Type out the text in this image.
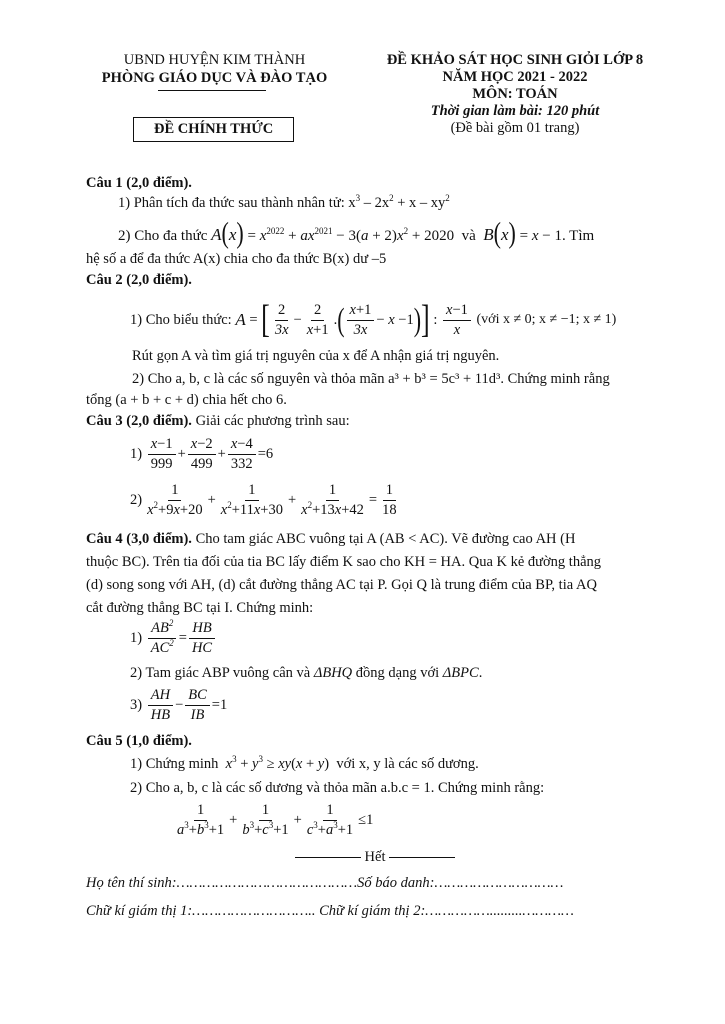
UBND HUYỆN KIM THÀNH
PHÒNG GIÁO DỤC VÀ ĐÀO TẠO
ĐỀ CHÍNH THỨC
ĐỀ KHẢO SÁT HỌC SINH GIỎI LỚP 8
NĂM HỌC 2021 - 2022
MÔN: TOÁN
Thời gian làm bài: 120 phút
(Đề bài gồm 01 trang)
Câu 1 (2,0 điểm).
1) Phân tích đa thức sau thành nhân tử: $x^3 - 2x^2 + x - xy^2$
2) Cho đa thức $A(x) = x^{2022} + ax^{2021} - 3(a + 2)x^2 + 2020$  và B(x) = x − 1. Tìm
hệ số a để đa thức A(x) chia cho đa thức B(x) dư –5
Câu 2 (2,0 điểm).
1) Cho biểu thức:
A = [ $\frac{2}{3x} - \frac{2}{x+1}$ . ( $\frac{x+1}{3x} - x -1$ ) ] : $\frac{x-1}{x}$
(với x ≠ 0; x ≠ −1; x ≠ 1)
Rút gọn A và tìm giá trị nguyên của x để A nhận giá trị nguyên.
2) Cho a, b, c là các số nguyên và thỏa mãn a³ + b³ = 5c³ + 11d³. Chứng minh rằng
tổng (a + b + c + d) chia hết cho 6.
Câu 3 (2,0 điểm). Giải các phương trình sau:
1)
$\frac{x-1}{999} + \frac{x-2}{499} + \frac{x-4}{332} =6$
$2) \frac{1}{x^2+9x+20} + \frac{1}{x^2+11x+30} + \frac{1}{x^2+13x+42} = \frac{1}{18}$
Câu 4 (3,0 điểm). Cho tam giác ABC vuông tại A (AB < AC). Vẽ đường cao AH (H
thuộc BC). Trên tia đối của tia BC lấy điểm K sao cho KH = HA. Qua K kẻ đường thẳng
(d) song song với AH, (d) cắt đường thẳng AC tại P. Gọi Q là trung điểm của BP, tia AQ
cắt đường thẳng BC tại I. Chứng minh:
1)
$\frac{AB^2}{AC^2} = \frac{HB}{HC}$
2) Tam giác ABP vuông cân và ΔBHQ đồng dạng với ΔBPC.
3)
$\frac{AH}{HB} - \frac{BC}{IB} =1$
Câu 5 (1,0 điểm).
1) Chứng minh $x^3 + y^3 \ge xy(x + y)$  với x, y là các số dương.
2) Cho a, b, c là các số dương và thỏa mãn a.b.c = 1. Chứng minh rằng:
$\frac{1}{a^3+b^3+1} + \frac{1}{b^3+c^3+1} + \frac{1}{c^3+a^3+1} \le 1$
Hết
Họ tên thí sinh:……………………………………Số báo danh:…………………………
Chữ kí giám thị 1:……………………….. Chữ kí giám thị 2:…………….........…………
